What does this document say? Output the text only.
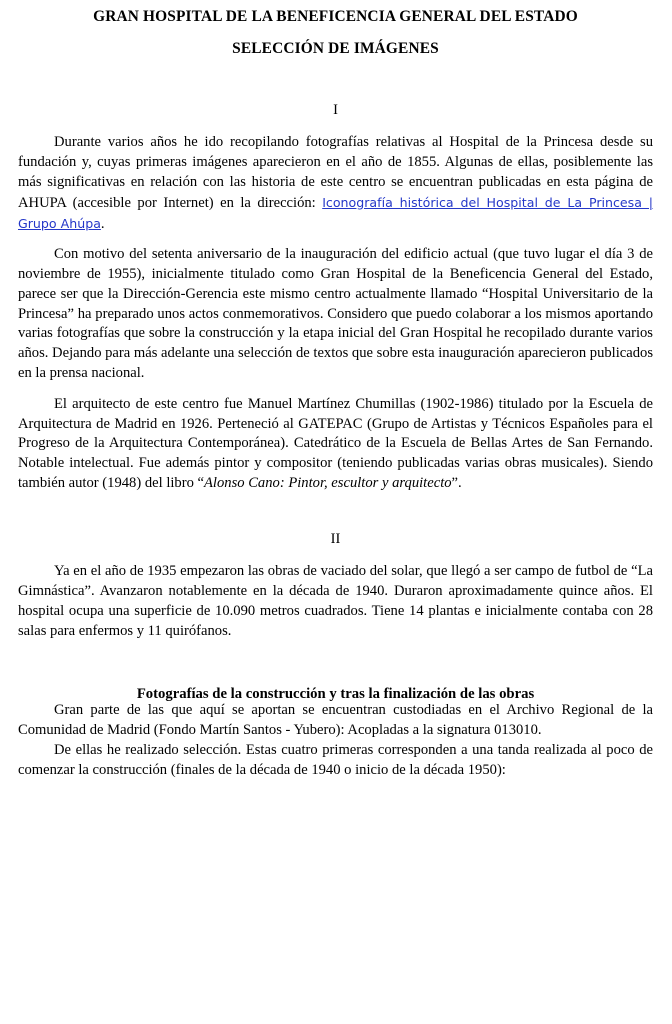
GRAN HOSPITAL DE LA BENEFICENCIA GENERAL DEL ESTADO
SELECCIÓN DE IMÁGENES
I

Durante varios años he ido recopilando fotografías relativas al Hospital de la Princesa desde su fundación y, cuyas primeras imágenes aparecieron en el año de 1855. Algunas de ellas, posiblemente las más significativas en relación con las historia de este centro se encuentran publicadas en esta página de AHUPA (accesible por Internet) en la dirección: Iconografía histórica del Hospital de La Princesa | Grupo Ahúpa.

Con motivo del setenta aniversario de la inauguración del edificio actual (que tuvo lugar el día 3 de noviembre de 1955), inicialmente titulado como Gran Hospital de la Beneficencia General del Estado, parece ser que la Dirección-Gerencia este mismo centro actualmente llamado “Hospital Universitario de la Princesa” ha preparado unos actos conmemorativos. Considero que puedo colaborar a los mismos aportando varias fotografías que sobre la construcción y la etapa inicial del Gran Hospital he recopilado durante varios años. Dejando para más adelante una selección de textos que sobre esta inauguración aparecieron publicados en la prensa nacional.

El arquitecto de este centro fue Manuel Martínez Chumillas (1902-1986) titulado por la Escuela de Arquitectura de Madrid en 1926. Perteneció al GATEPAC (Grupo de Artistas y Técnicos Españoles para el Progreso de la Arquitectura Contemporánea). Catedrático de la Escuela de Bellas Artes de San Fernando. Notable intelectual. Fue además pintor y compositor (teniendo publicadas varias obras musicales). Siendo también autor (1948) del libro “Alonso Cano: Pintor, escultor y arquitecto”.

II

Ya en el año de 1935 empezaron las obras de vaciado del solar, que llegó a ser campo de futbol de “La Gimnástica”. Avanzaron notablemente en la década de 1940. Duraron aproximadamente quince años. El hospital ocupa una superficie de 10.090 metros cuadrados. Tiene 14 plantas e inicialmente contaba con 28 salas para enfermos y 11 quirófanos.

Fotografías de la construcción y tras la finalización de las obras

Gran parte de las que aquí se aportan se encuentran custodiadas en el Archivo Regional de la Comunidad de Madrid (Fondo Martín Santos - Yubero): Acopladas a la signatura 013010.

De ellas he realizado selección. Estas cuatro primeras corresponden a una tanda realizada al poco de comenzar la construcción (finales de la década de 1940 o inicio de la década 1950):
